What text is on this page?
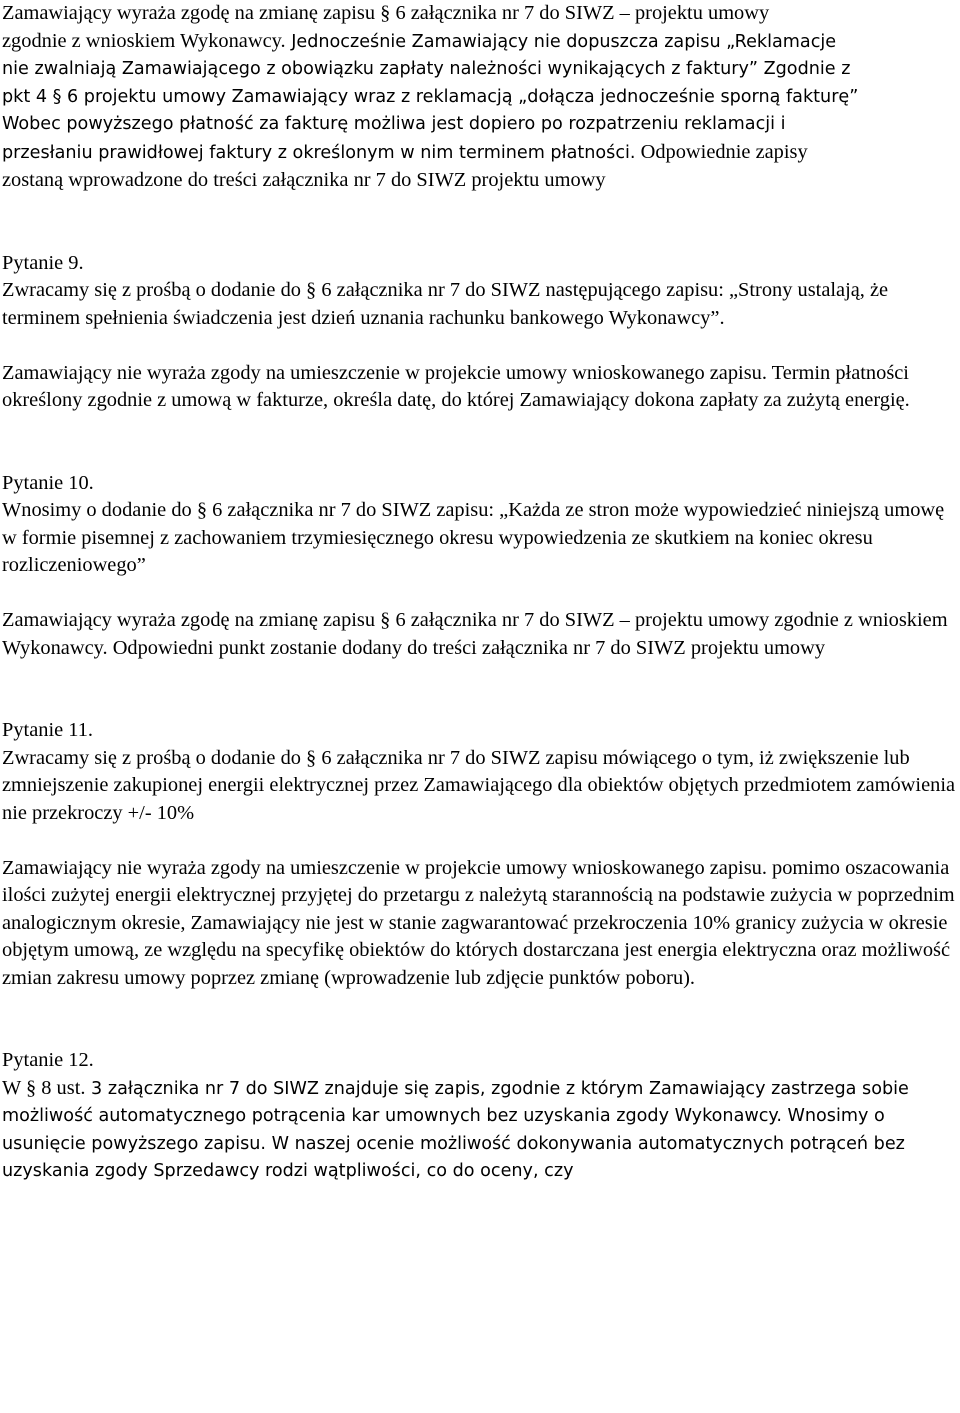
Zamawiający wyraża zgodę na zmianę zapisu § 6 załącznika nr 7 do SIWZ – projektu umowy
zgodnie z wnioskiem Wykonawcy. Jednocześnie Zamawiający nie dopuszcza zapisu „Reklamacje
nie zwalniają Zamawiającego z obowiązku zapłaty należności wynikających z faktury” Zgodnie z
pkt 4 § 6 projektu umowy Zamawiający wraz z reklamacją „dołącza jednocześnie sporną fakturę”
Wobec powyższego płatność za fakturę możliwa jest dopiero po rozpatrzeniu reklamacji i
przesłaniu prawidłowej faktury z określonym w nim terminem płatności. Odpowiednie zapisy
zostaną wprowadzone do treści załącznika nr 7 do SIWZ projektu umowy
Pytanie 9.
Zwracamy się z prośbą o dodanie do § 6 załącznika nr 7 do SIWZ następującego zapisu: „Strony ustalają, że terminem spełnienia świadczenia jest dzień uznania rachunku bankowego Wykonawcy”.
Zamawiający nie wyraża zgody na umieszczenie w projekcie umowy wnioskowanego zapisu. Termin płatności określony zgodnie z umową w fakturze, określa datę, do której Zamawiający dokona zapłaty za zużytą energię.
Pytanie 10.
Wnosimy o dodanie do § 6 załącznika nr 7 do SIWZ zapisu: „Każda ze stron może wypowiedzieć niniejszą umowę w formie pisemnej z zachowaniem trzymiesięcznego okresu wypowiedzenia ze skutkiem na koniec okresu rozliczeniowego”
Zamawiający wyraża zgodę na zmianę zapisu § 6 załącznika nr 7 do SIWZ – projektu umowy zgodnie z wnioskiem Wykonawcy. Odpowiedni punkt zostanie dodany do treści załącznika nr 7 do SIWZ projektu umowy
Pytanie 11.
Zwracamy się z prośbą o dodanie do § 6 załącznika nr 7 do SIWZ zapisu mówiącego o tym, iż zwiększenie lub zmniejszenie zakupionej energii elektrycznej przez Zamawiającego dla obiektów objętych przedmiotem zamówienia nie przekroczy +/- 10%
Zamawiający nie wyraża zgody na umieszczenie w projekcie umowy wnioskowanego zapisu. pomimo oszacowania ilości zużytej energii elektrycznej przyjętej do przetargu z należytą starannością na podstawie zużycia w poprzednim analogicznym okresie, Zamawiający nie jest w stanie zagwarantować przekroczenia 10% granicy zużycia w okresie objętym umową, ze względu na specyfikę obiektów do których dostarczana jest energia elektryczna oraz możliwość zmian zakresu umowy poprzez zmianę (wprowadzenie lub zdjęcie punktów poboru).
Pytanie 12.
W § 8 ust. 3 załącznika nr 7 do SIWZ znajduje się zapis, zgodnie z którym Zamawiający zastrzega sobie możliwość automatycznego potrącenia kar umownych bez uzyskania zgody Wykonawcy. Wnosimy o usunięcie powyższego zapisu. W naszej ocenie możliwość dokonywania automatycznych potrąceń bez uzyskania zgody Sprzedawcy rodzi wątpliwości, co do oceny, czy
